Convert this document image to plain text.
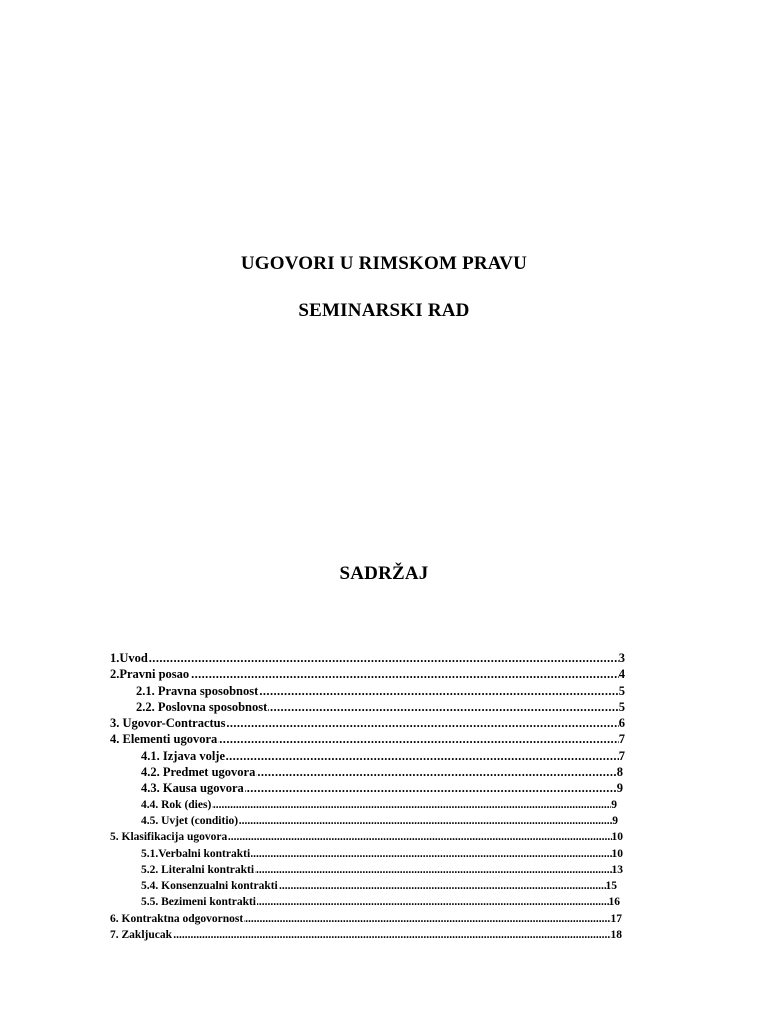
UGOVORI U RIMSKOM PRAVU
SEMINARSKI RAD
SADRŽAJ
.....
1.Uvod	3
.....
2.Pravni posao	4
.....
2.1. Pravna sposobnost	5
.....
2.2. Poslovna sposobnost	5
.....
3. Ugovor-Contractus	6
.....
4. Elementi ugovora	7
.....
4.1. Izjava volje	7
.....
4.2. Predmet ugovora	8
.....
4.3. Kausa ugovora	9
.....
4.4. Rok (dies)	9
.....
4.5. Uvjet (conditio)	9
.....
5. Klasifikacija ugovora	10
.....
5.1.Verbalni kontrakti	10
.....
5.2. Literalni kontrakti	13
.....
5.4. Konsenzualni kontrakti	15
.....
5.5. Bezimeni kontrakti	16
.....
6. Kontraktna odgovornost	17
.....
7. Zakljucak	18
